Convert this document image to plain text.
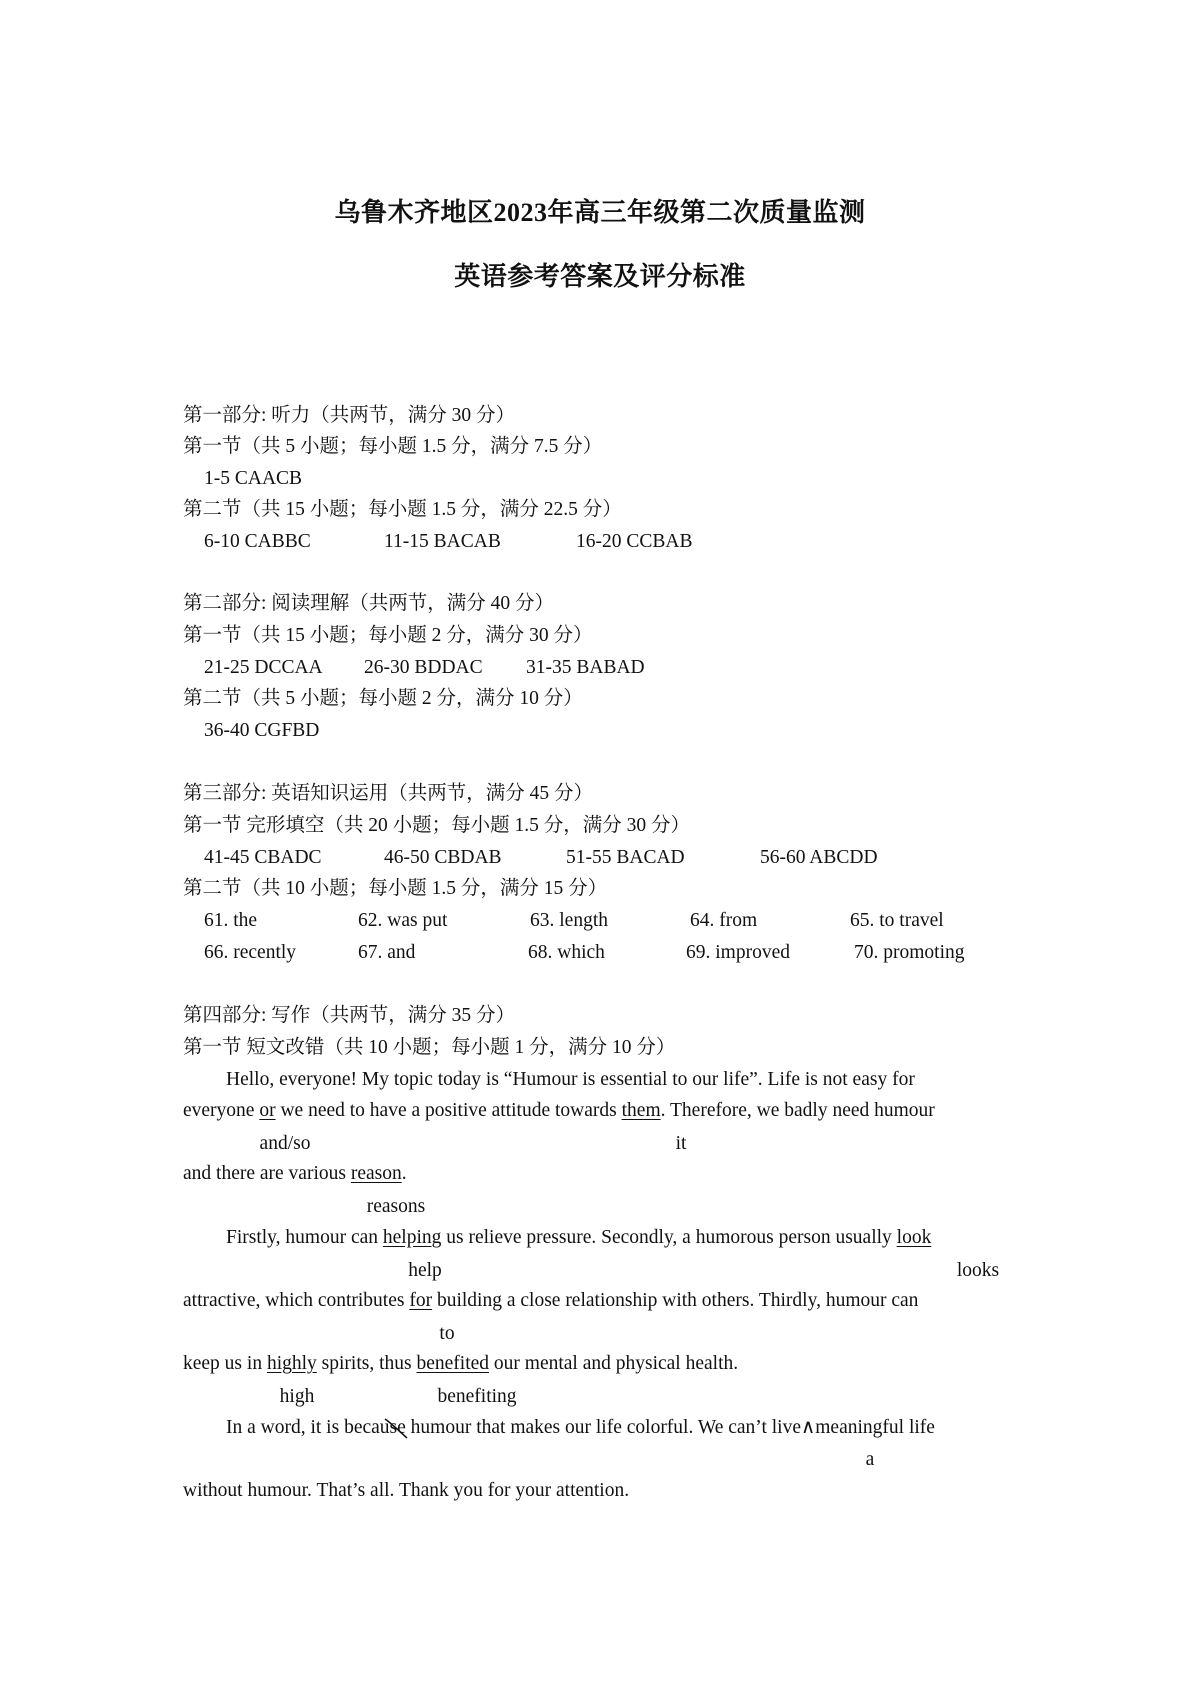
乌鲁木齐地区2023年高三年级第二次质量监测
英语参考答案及评分标准
第一部分: 听力（共两节，满分 30 分）
第一节（共 5 小题；每小题 1.5 分，满分 7.5 分）
1-5 CAACB
第二节（共 15 小题；每小题 1.5 分，满分 22.5 分）
6-10 CABBC	11-15 BACAB	16-20 CCBAB
第二部分: 阅读理解（共两节，满分 40 分）
第一节（共 15 小题；每小题 2 分，满分 30 分）
21-25 DCCAA 26-30 BDDAC 31-35 BABAD
第二节（共 5 小题；每小题 2 分，满分 10 分）
36-40 CGFBD
第三部分: 英语知识运用（共两节，满分 45 分）
第一节 完形填空（共 20 小题；每小题 1.5 分，满分 30 分）
41-45 CBADC	46-50 CBDAB	51-55 BACAD	56-60 ABCDD
第二节（共 10 小题；每小题 1.5 分，满分 15 分）
61. the	62. was put	63. length	64. from	65. to travel
66. recently	67. and	68. which	69. improved	70. promoting
第四部分: 写作（共两节，满分 35 分）
第一节 短文改错（共 10 小题；每小题 1 分，满分 10 分）
Hello, everyone! My topic today is “Humour is essential to our life”. Life is not easy for
everyone or we need to have a positive attitude towards them. Therefore, we badly need humour
and/so	it
and there are various reason.
reasons
Firstly, humour can helping us relieve pressure. Secondly, a humorous person usually look
help	looks
attractive, which contributes for building a close relationship with others. Thirdly, humour can
to
keep us in highly spirits, thus benefited our mental and physical health.
high	benefiting
In a word, it is because
humour that makes our life colorful. We can’t live∧meaningful life
a
without humour. That’s all. Thank you for your attention.
